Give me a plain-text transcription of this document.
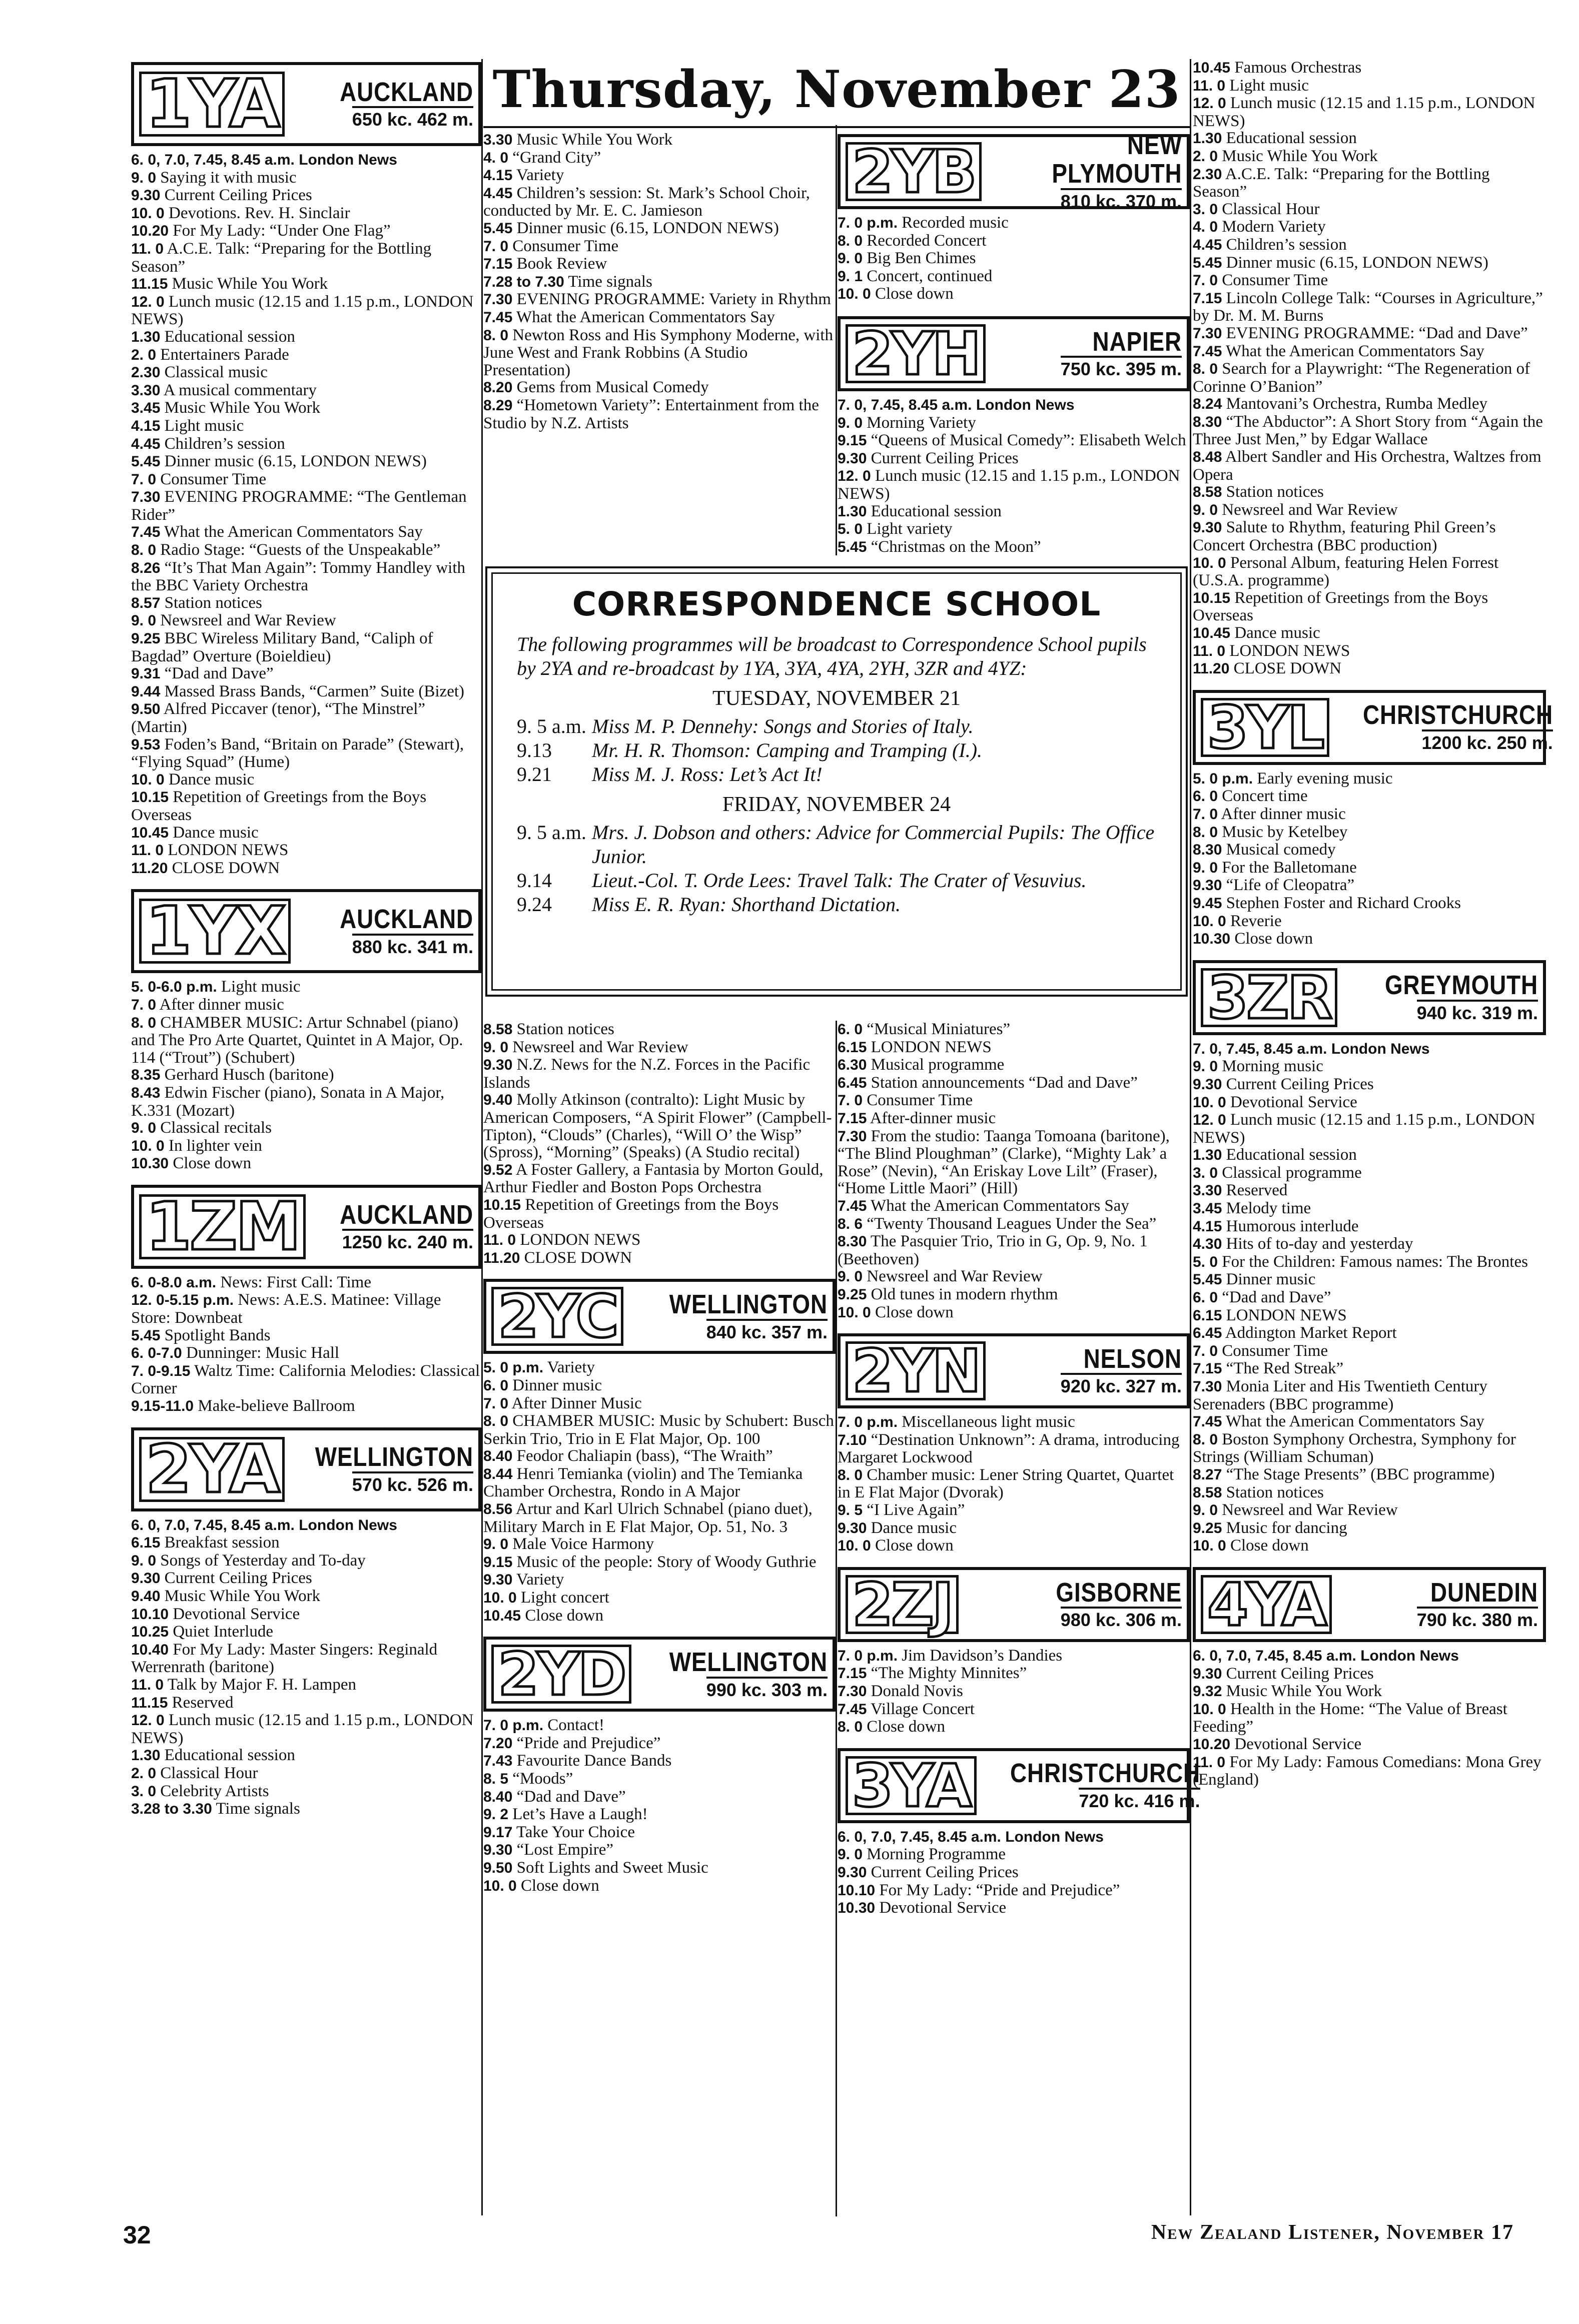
Thursday, November 23
1YA AUCKLAND
650 kc. 462 m.

6. 0, 7.0, 7.45, 8.45 a.m. London News

9. 0 Saying it with music

9.30 Current Ceiling Prices

10. 0 Devotions. Rev. H. Sinclair

10.20 For My Lady: “Under One Flag”

11. 0 A.C.E. Talk: “Preparing for the Bottling Season”

11.15 Music While You Work

12. 0 Lunch music (12.15 and 1.15 p.m., LONDON NEWS)

1.30 Educational session

2. 0 Entertainers Parade

2.30 Classical music

3.30 A musical commentary

3.45 Music While You Work

4.15 Light music

4.45 Children’s session

5.45 Dinner music (6.15, LONDON NEWS)

7. 0 Consumer Time

7.30 EVENING PROGRAMME: “The Gentleman Rider”

7.45 What the American Commentators Say

8. 0 Radio Stage: “Guests of the Unspeakable”

8.26 “It’s That Man Again”: Tommy Handley with the BBC Variety Orchestra

8.57 Station notices

9. 0 Newsreel and War Review

9.25 BBC Wireless Military Band, “Caliph of Bagdad” Overture (Boieldieu)

9.31 “Dad and Dave”

9.44 Massed Brass Bands, “Carmen” Suite (Bizet)

9.50 Alfred Piccaver (tenor), “The Minstrel” (Martin)

9.53 Foden’s Band, “Britain on Parade” (Stewart), “Flying Squad” (Hume)

10. 0 Dance music

10.15 Repetition of Greetings from the Boys Overseas

10.45 Dance music

11. 0 LONDON NEWS

11.20 CLOSE DOWN

1YX AUCKLAND
880 kc. 341 m.

5. 0-6.0 p.m. Light music

7. 0 After dinner music

8. 0 CHAMBER MUSIC: Artur Schnabel (piano) and The Pro Arte Quartet, Quintet in A Major, Op. 114 (“Trout”) (Schubert)

8.35 Gerhard Husch (baritone)

8.43 Edwin Fischer (piano), Sonata in A Major, K.331 (Mozart)

9. 0 Classical recitals

10. 0 In lighter vein

10.30 Close down

1ZM AUCKLAND
1250 kc. 240 m.

6. 0-8.0 a.m. News: First Call: Time

12. 0-5.15 p.m. News: A.E.S. Matinee: Village Store: Downbeat

5.45 Spotlight Bands

6. 0-7.0 Dunninger: Music Hall

7. 0-9.15 Waltz Time: California Melodies: Classical Corner

9.15-11.0 Make-believe Ballroom

2YA WELLINGTON
570 kc. 526 m.

6. 0, 7.0, 7.45, 8.45 a.m. London News

6.15 Breakfast session

9. 0 Songs of Yesterday and To-day

9.30 Current Ceiling Prices

9.40 Music While You Work

10.10 Devotional Service

10.25 Quiet Interlude

10.40 For My Lady: Master Singers: Reginald Werrenrath (baritone)

11. 0 Talk by Major F. H. Lampen

11.15 Reserved

12. 0 Lunch music (12.15 and 1.15 p.m., LONDON NEWS)

1.30 Educational session

2. 0 Classical Hour

3. 0 Celebrity Artists

3.28 to 3.30 Time signals

3.30 Music While You Work

4. 0 “Grand City”

4.15 Variety

4.45 Children’s session: St. Mark’s School Choir, conducted by Mr. E. C. Jamieson

5.45 Dinner music (6.15, LONDON NEWS)

7. 0 Consumer Time

7.15 Book Review

7.28 to 7.30 Time signals

7.30 EVENING PROGRAMME: Variety in Rhythm

7.45 What the American Commentators Say

8. 0 Newton Ross and His Symphony Moderne, with June West and Frank Robbins (A Studio Presentation)

8.20 Gems from Musical Comedy

8.29 “Hometown Variety”: Entertainment from the Studio by N.Z. Artists

2YB	NEW PLYMOUTH
810 kc. 370 m.

7. 0 p.m. Recorded music

8. 0 Recorded Concert

9. 0 Big Ben Chimes

9. 1 Concert, continued

10. 0 Close down

2YH	NAPIER
750 kc. 395 m.

7. 0, 7.45, 8.45 a.m. London News

9. 0 Morning Variety

9.15 “Queens of Musical Comedy”: Elisabeth Welch

9.30 Current Ceiling Prices

12. 0 Lunch music (12.15 and 1.15 p.m., LONDON NEWS)

1.30 Educational session

5. 0 Light variety

5.45 “Christmas on the Moon”

CORRESPONDENCE SCHOOL

The following programmes will be broadcast to Correspondence School pupils by 2YA and re-broadcast by 1YA, 3YA, 4YA, 2YH, 3ZR and 4YZ:

TUESDAY, NOVEMBER 21

9. 5 a.m. Miss M. P. Dennehy: Songs and Stories of Italy.
9.13	Mr. H. R. Thomson: Camping and Tramping (I.).
9.21	Miss M. J. Ross: Let’s Act It!

FRIDAY, NOVEMBER 24

9. 5 a.m. Mrs. J. Dobson and others: Advice for Commercial Pupils: The Office Junior.
9.14	Lieut.-Col. T. Orde Lees: Travel Talk: The Crater of Vesuvius.
9.24	Miss E. R. Ryan: Shorthand Dictation.

8.58 Station notices

9. 0 Newsreel and War Review

9.30 N.Z. News for the N.Z. Forces in the Pacific Islands

9.40 Molly Atkinson (contralto): Light Music by American Composers, “A Spirit Flower” (Campbell-Tipton), “Clouds” (Charles), “Will O’ the Wisp” (Spross), “Morning” (Speaks) (A Studio recital)

9.52 A Foster Gallery, a Fantasia by Morton Gould, Arthur Fiedler and Boston Pops Orchestra

10.15 Repetition of Greetings from the Boys Overseas

11. 0 LONDON NEWS

11.20 CLOSE DOWN

2YC WELLINGTON
840 kc. 357 m.

5. 0 p.m. Variety

6. 0 Dinner music

7. 0 After Dinner Music

8. 0 CHAMBER MUSIC: Music by Schubert: Busch Serkin Trio, Trio in E Flat Major, Op. 100

8.40 Feodor Chaliapin (bass), “The Wraith”

8.44 Henri Temianka (violin) and The Temianka Chamber Orchestra, Rondo in A Major

8.56 Artur and Karl Ulrich Schnabel (piano duet), Military March in E Flat Major, Op. 51, No. 3

9. 0 Male Voice Harmony

9.15 Music of the people: Story of Woody Guthrie

9.30 Variety

10. 0 Light concert

10.45 Close down

2YD WELLINGTON
990 kc. 303 m.

7. 0 p.m. Contact!

7.20 “Pride and Prejudice”

7.43 Favourite Dance Bands

8. 5 “Moods”

8.40 “Dad and Dave”

9. 2 Let’s Have a Laugh!

9.17 Take Your Choice

9.30 “Lost Empire”

9.50 Soft Lights and Sweet Music

10. 0 Close down

6. 0 “Musical Miniatures”

6.15 LONDON NEWS

6.30 Musical programme

6.45 Station announcements “Dad and Dave”

7. 0 Consumer Time

7.15 After-dinner music

7.30 From the studio: Taanga Tomoana (baritone), “The Blind Ploughman” (Clarke), “Mighty Lak’ a Rose” (Nevin), “An Eriskay Love Lilt” (Fraser), “Home Little Maori” (Hill)

7.45 What the American Commentators Say

8. 6 “Twenty Thousand Leagues Under the Sea”

8.30 The Pasquier Trio, Trio in G, Op. 9, No. 1 (Beethoven)

9. 0 Newsreel and War Review

9.25 Old tunes in modern rhythm

10. 0 Close down

2YN	NELSON
920 kc. 327 m.

7. 0 p.m. Miscellaneous light music

7.10 “Destination Unknown”: A drama, introducing Margaret Lockwood

8. 0 Chamber music: Lener String Quartet, Quartet in E Flat Major (Dvorak)

9. 5 “I Live Again”

9.30 Dance music

10. 0 Close down

2ZJ	GISBORNE
980 kc. 306 m.

7. 0 p.m. Jim Davidson’s Dandies

7.15 “The Mighty Minnites”

7.30 Donald Novis

7.45 Village Concert

8. 0 Close down

3YA CHRISTCHURCH
720 kc. 416 m.

6. 0, 7.0, 7.45, 8.45 a.m. London News

9. 0 Morning Programme

9.30 Current Ceiling Prices

10.10 For My Lady: “Pride and Prejudice”

10.30 Devotional Service

10.45 Famous Orchestras

11. 0 Light music

12. 0 Lunch music (12.15 and 1.15 p.m., LONDON NEWS)

1.30 Educational session

2. 0 Music While You Work

2.30 A.C.E. Talk: “Preparing for the Bottling Season”

3. 0 Classical Hour

4. 0 Modern Variety

4.45 Children’s session

5.45 Dinner music (6.15, LONDON NEWS)

7. 0 Consumer Time

7.15 Lincoln College Talk: “Courses in Agriculture,” by Dr. M. M. Burns

7.30 EVENING PROGRAMME: “Dad and Dave”

7.45 What the American Commentators Say

8. 0 Search for a Playwright: “The Regeneration of Corinne O’Banion”

8.24 Mantovani’s Orchestra, Rumba Medley

8.30 “The Abductor”: A Short Story from “Again the Three Just Men,” by Edgar Wallace

8.48 Albert Sandler and His Orchestra, Waltzes from Opera

8.58 Station notices

9. 0 Newsreel and War Review

9.30 Salute to Rhythm, featuring Phil Green’s Concert Orchestra (BBC production)

10. 0 Personal Album, featuring Helen Forrest (U.S.A. programme)

10.15 Repetition of Greetings from the Boys Overseas

10.45 Dance music

11. 0 LONDON NEWS

11.20 CLOSE DOWN

3YL CHRISTCHURCH
1200 kc. 250 m.

5. 0 p.m. Early evening music

6. 0 Concert time

7. 0 After dinner music

8. 0 Music by Ketelbey

8.30 Musical comedy

9. 0 For the Balletomane

9.30 “Life of Cleopatra”

9.45 Stephen Foster and Richard Crooks

10. 0 Reverie

10.30 Close down

3ZR GREYMOUTH
940 kc. 319 m.

7. 0, 7.45, 8.45 a.m. London News

9. 0 Morning music

9.30 Current Ceiling Prices

10. 0 Devotional Service

12. 0 Lunch music (12.15 and 1.15 p.m., LONDON NEWS)

1.30 Educational session

3. 0 Classical programme

3.30 Reserved

3.45 Melody time

4.15 Humorous interlude

4.30 Hits of to-day and yesterday

5. 0 For the Children: Famous names: The Brontes

5.45 Dinner music

6. 0 “Dad and Dave”

6.15 LONDON NEWS

6.45 Addington Market Report

7. 0 Consumer Time

7.15 “The Red Streak”

7.30 Monia Liter and His Twentieth Century Serenaders (BBC programme)

7.45 What the American Commentators Say

8. 0 Boston Symphony Orchestra, Symphony for Strings (William Schuman)

8.27 “The Stage Presents” (BBC programme)

8.58 Station notices

9. 0 Newsreel and War Review

9.25 Music for dancing

10. 0 Close down

4YA	DUNEDIN
790 kc. 380 m.

6. 0, 7.0, 7.45, 8.45 a.m. London News

9.30 Current Ceiling Prices

9.32 Music While You Work

10. 0 Health in the Home: “The Value of Breast Feeding”

10.20 Devotional Service

11. 0 For My Lady: Famous Comedians: Mona Grey (England)

32	New Zealand Listener, November 17
